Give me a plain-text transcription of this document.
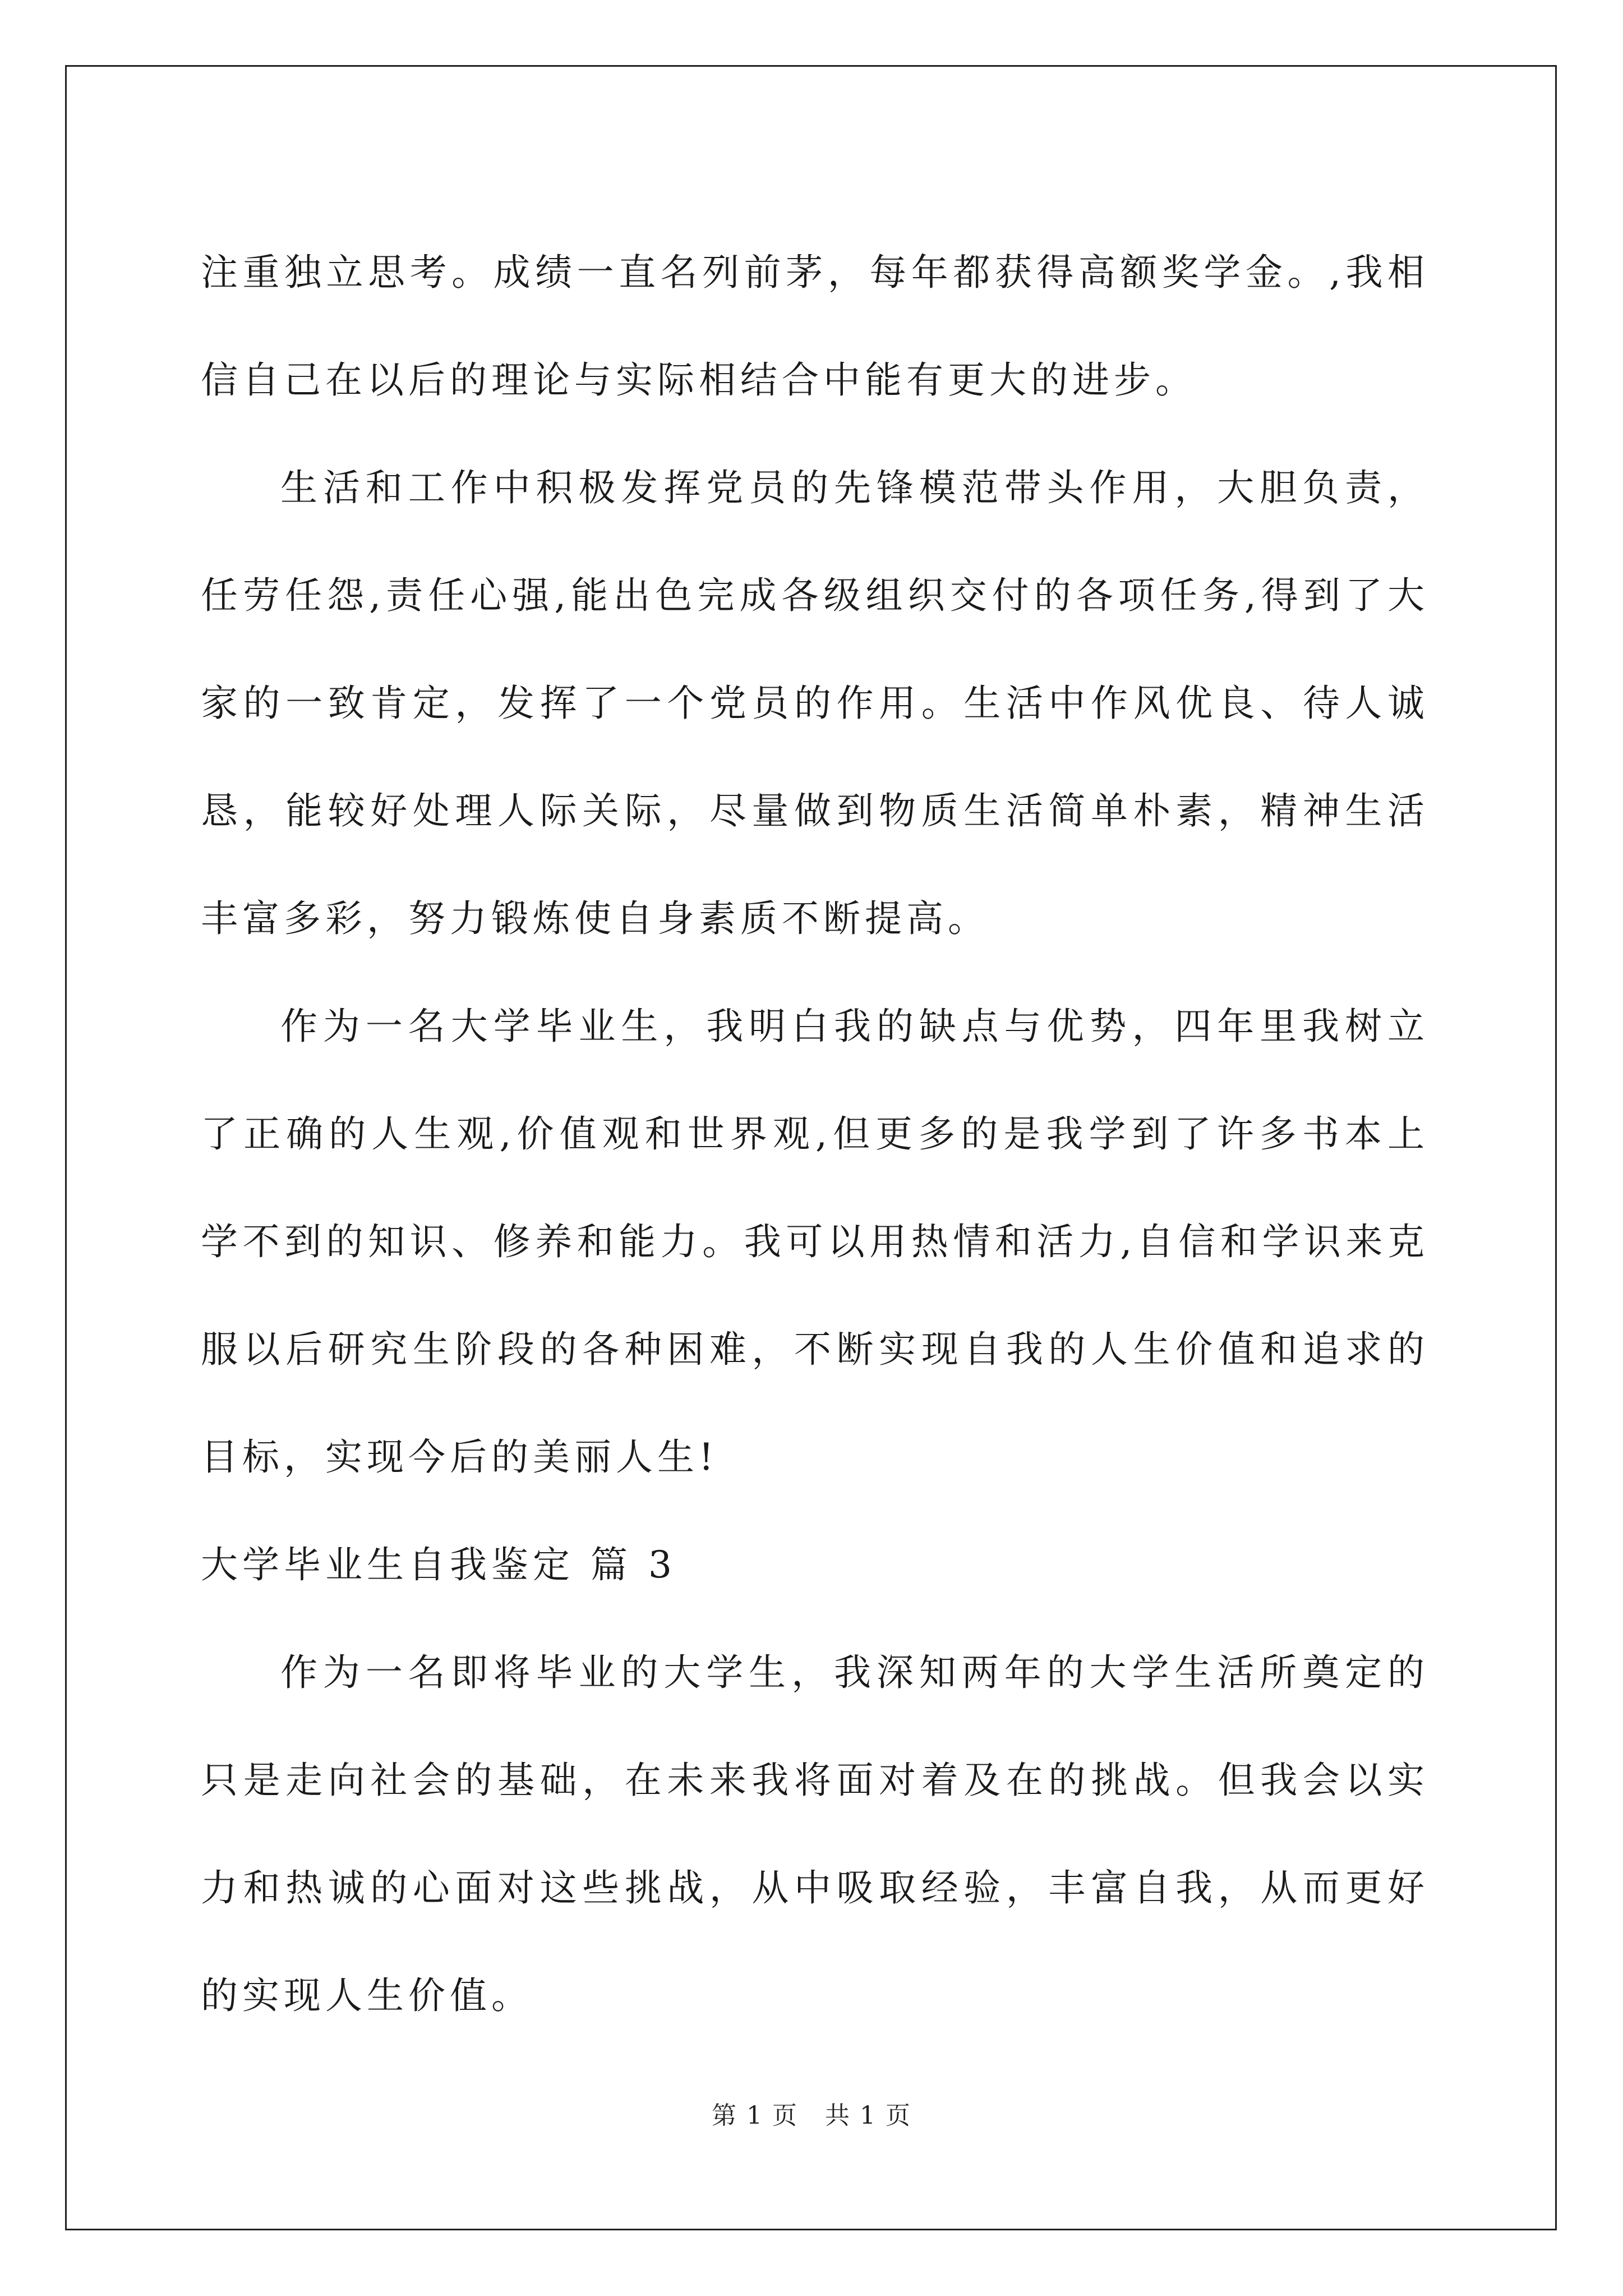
注重独立思考。成绩一直名列前茅，每年都获得高额奖学金。,我相信自己在以后的理论与实际相结合中能有更大的进步。

生活和工作中积极发挥党员的先锋模范带头作用，大胆负责，任劳任怨,责任心强,能出色完成各级组织交付的各项任务,得到了大家的一致肯定，发挥了一个党员的作用。生活中作风优良、待人诚恳，能较好处理人际关际，尽量做到物质生活简单朴素，精神生活丰富多彩，努力锻炼使自身素质不断提高。

作为一名大学毕业生，我明白我的缺点与优势，四年里我树立了正确的人生观,价值观和世界观,但更多的是我学到了许多书本上学不到的知识、修养和能力。我可以用热情和活力,自信和学识来克服以后研究生阶段的各种困难，不断实现自我的人生价值和追求的目标，实现今后的美丽人生!

大学毕业生自我鉴定 篇 3

作为一名即将毕业的大学生，我深知两年的大学生活所奠定的只是走向社会的基础，在未来我将面对着及在的挑战。但我会以实力和热诚的心面对这些挑战，从中吸取经验，丰富自我，从而更好的实现人生价值。

第 1 页 共 1 页
